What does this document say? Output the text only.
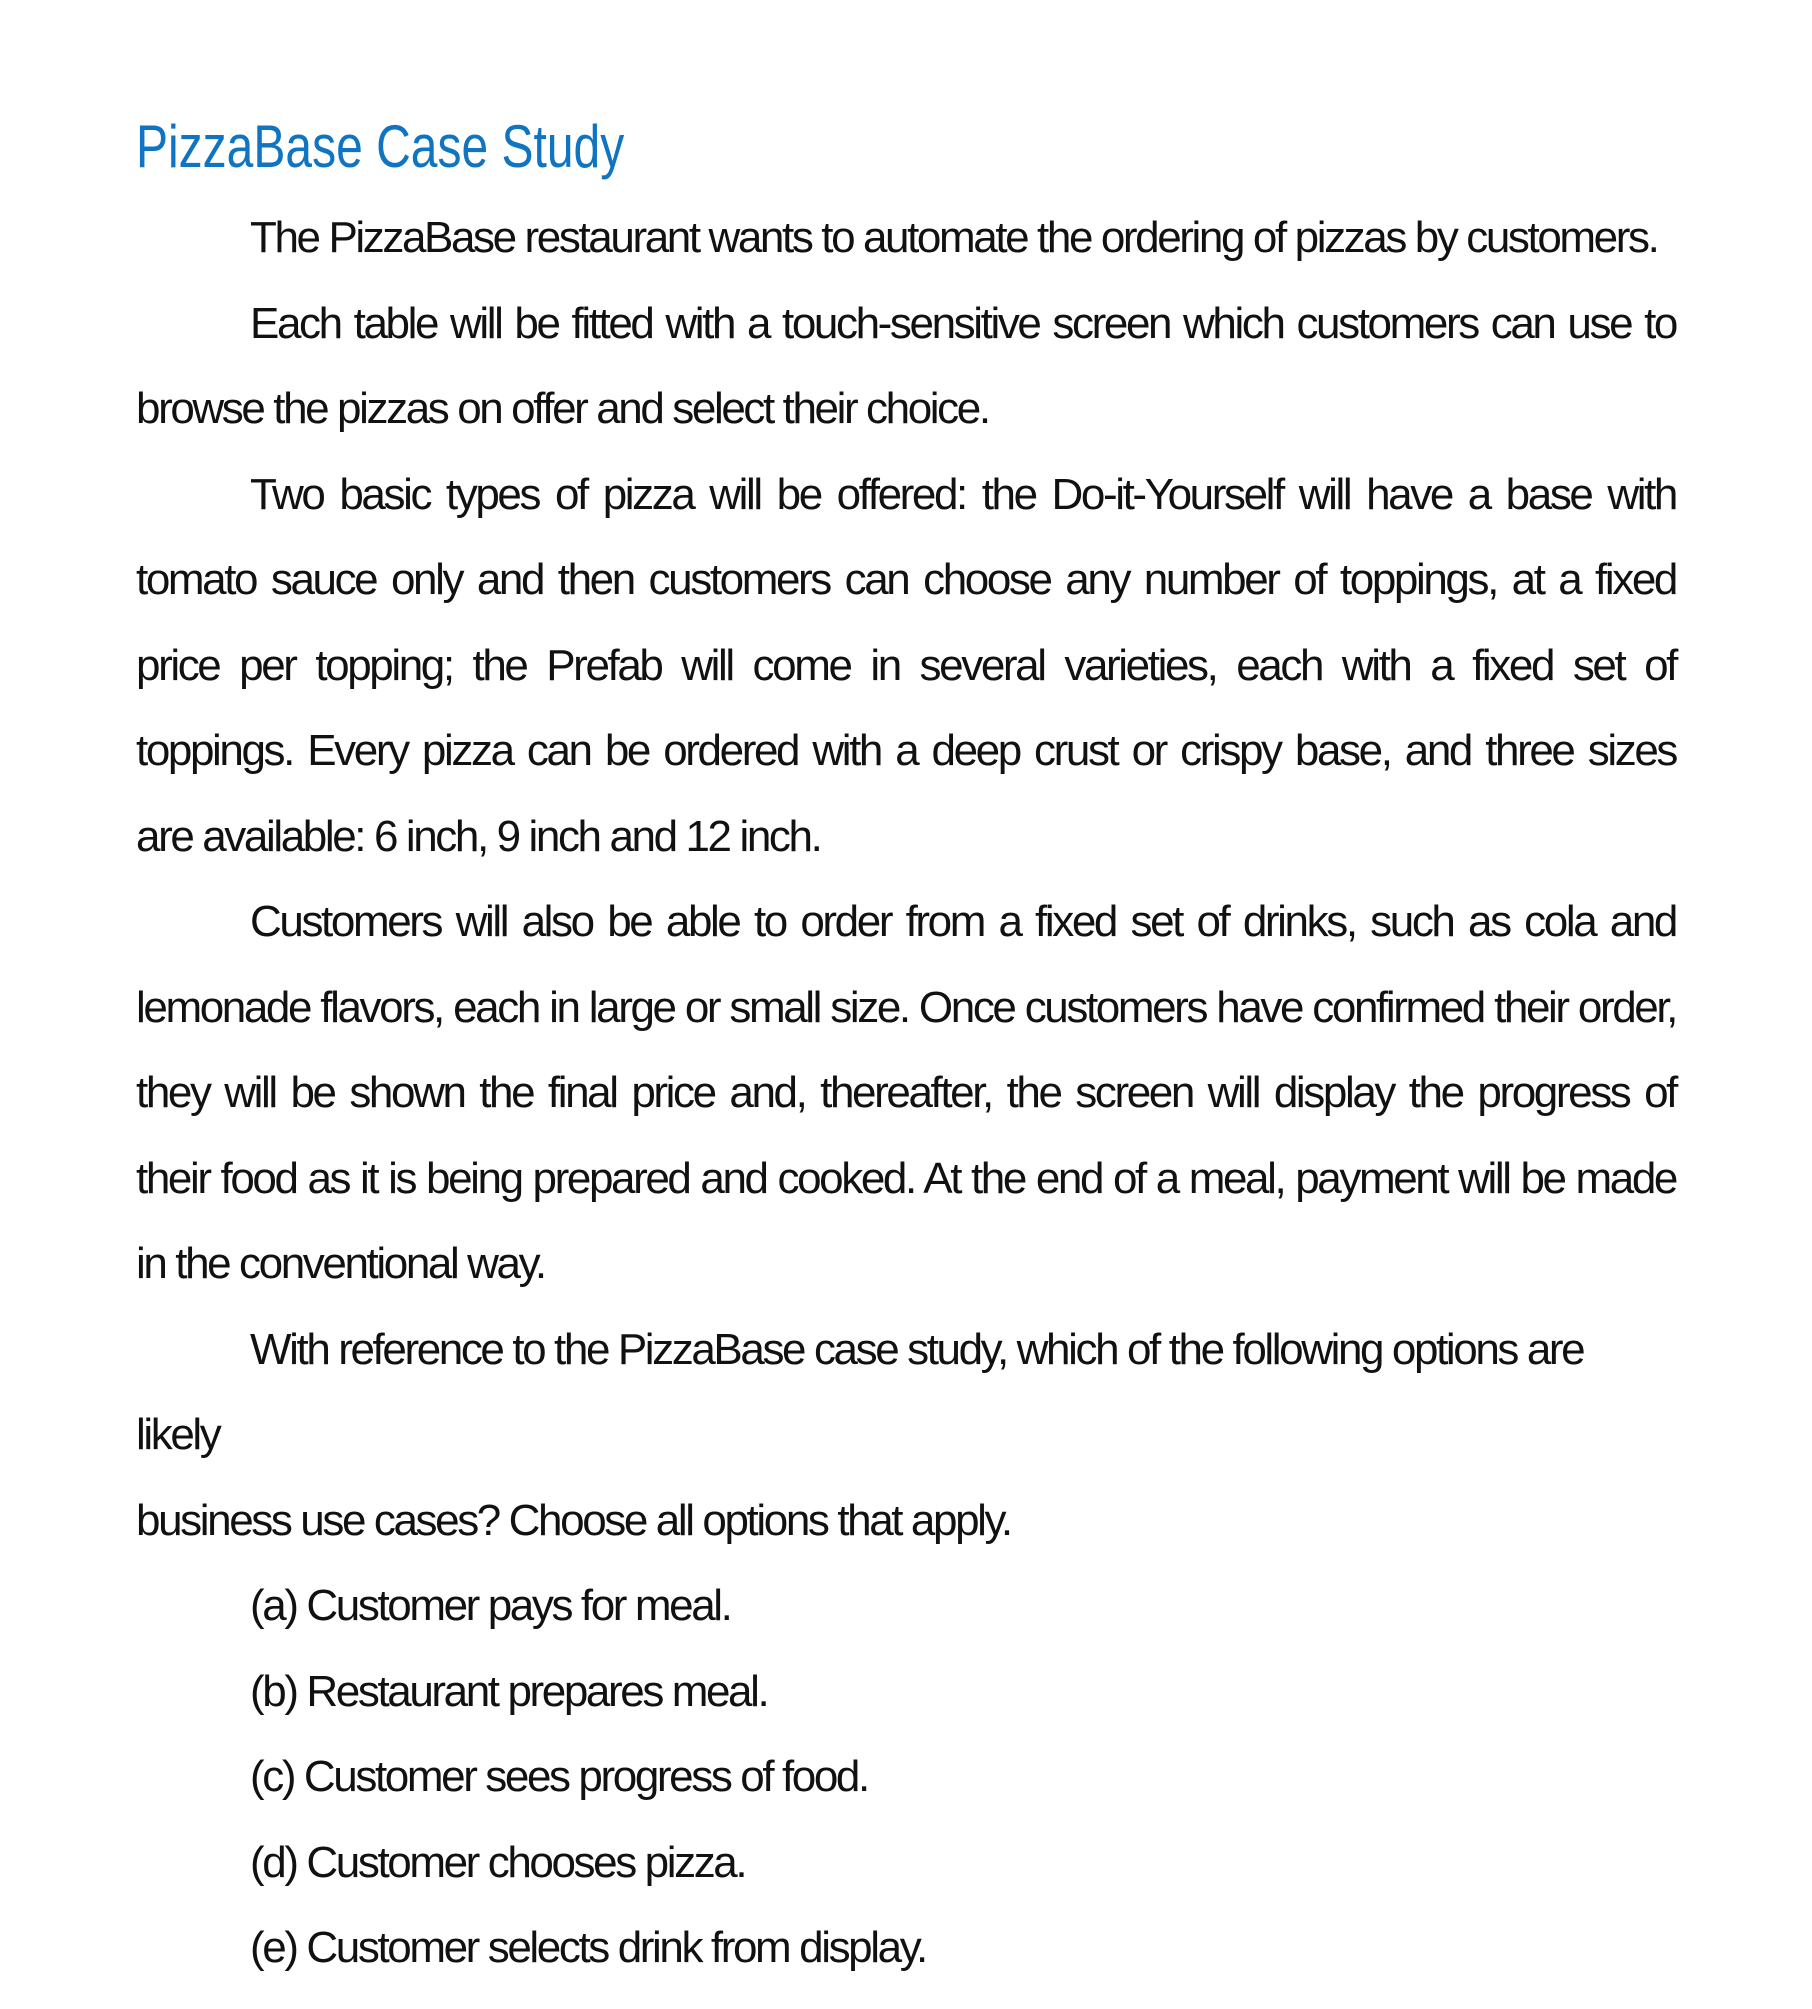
PizzaBase Case Study

The PizzaBase restaurant wants to automate the ordering of pizzas by customers.

Each table will be fitted with a touch-sensitive screen which customers can use to browse the pizzas on offer and select their choice.

Two basic types of pizza will be offered: the Do-it-Yourself will have a base with tomato sauce only and then customers can choose any number of toppings, at a fixed price per topping; the Prefab will come in several varieties, each with a fixed set of toppings. Every pizza can be ordered with a deep crust or crispy base, and three sizes are available: 6 inch, 9 inch and 12 inch.

Customers will also be able to order from a fixed set of drinks, such as cola and lemonade flavors, each in large or small size. Once customers have confirmed their order, they will be shown the final price and, thereafter, the screen will display the progress of their food as it is being prepared and cooked. At the end of a meal, payment will be made in the conventional way.

With reference to the PizzaBase case study, which of the following options are likely
business use cases? Choose all options that apply.

(a) Customer pays for meal.
(b) Restaurant prepares meal.
(c) Customer sees progress of food.
(d) Customer chooses pizza.
(e) Customer selects drink from display.
